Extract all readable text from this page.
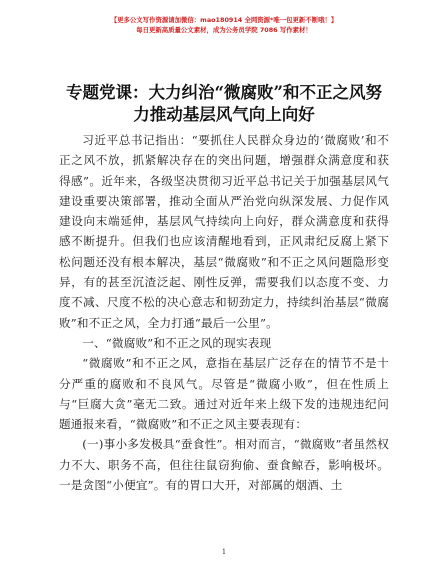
【更多公文写作资源请加微信：mao180914 全网资源*唯一包更新不断哦！】
每日更新高质量公文素材，成为公务员学院 7086 写作素材！
专题党课：大力纠治“微腐败”和不正之风努
力推动基层风气向上向好

习近平总书记指出：“要抓住人民群众身边的‘微腐败’和不正之风不放，抓紧解决存在的突出问题，增强群众满意度和获得感”。近年来，各级坚决贯彻习近平总书记关于加强基层风气建设重要决策部署，推动全面从严治党向纵深发展、力促作风建设向末端延伸，基层风气持续向上向好，群众满意度和获得感不断提升。但我们也应该清醒地看到，正风肃纪反腐上紧下松问题还没有根本解决，基层“微腐败”和不正之风问题隐形变异，有的甚至沉渣泛起、刚性反弹，需要我们以态度不变、力度不减、尺度不松的决心意志和韧劲定力，持续纠治基层“微腐败”和不正之风，全力打通“最后一公里”。

一、“微腐败”和不正之风的现实表现

“微腐败”和不正之风，意指在基层广泛存在的情节不是十分严重的腐败和不良风气。尽管是“微腐小败”，但在性质上与“巨腐大贪”毫无二致。通过对近年来上级下发的违规违纪问题通报来看，“微腐败”和不正之风主要表现有：

(一)事小多发极具“蚕食性”。相对而言，“微腐败”者虽然权力不大、职务不高，但往往鼠窃狗偷、蚕食鲸吞，影响极坏。一是贪图“小便宜”。有的胃口大开，对部属的烟酒、土

1
